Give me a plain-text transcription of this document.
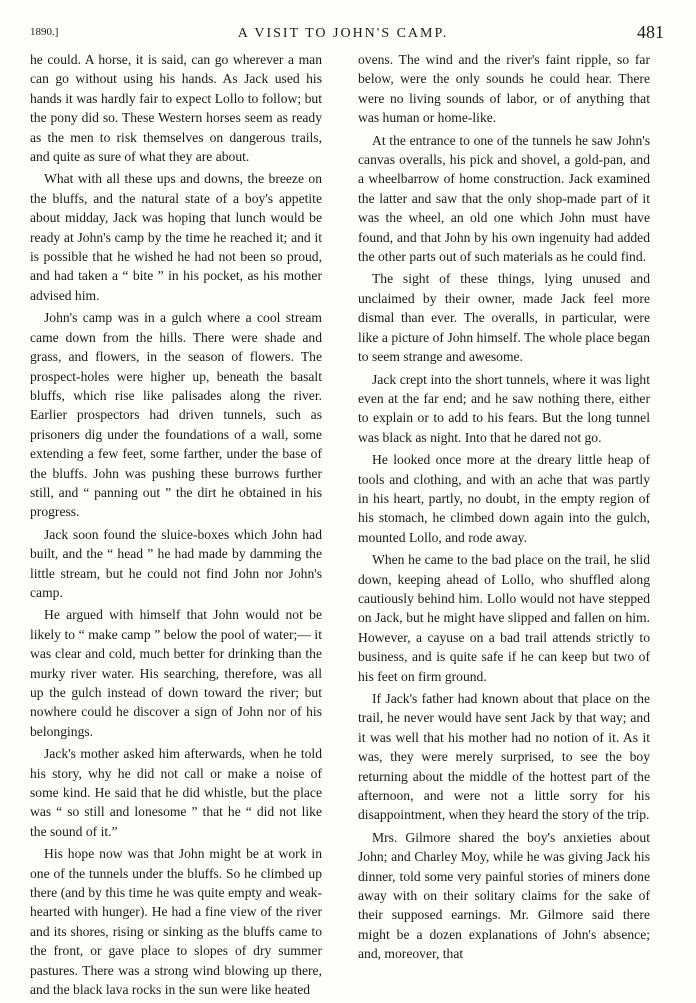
1890.]	A VISIT TO JOHN'S CAMP.	481

he could. A horse, it is said, can go wherever a man can go without using his hands. As Jack used his hands it was hardly fair to expect Lollo to follow; but the pony did so. These Western horses seem as ready as the men to risk themselves on dangerous trails, and quite as sure of what they are about.

What with all these ups and downs, the breeze on the bluffs, and the natural state of a boy's appetite about midday, Jack was hoping that lunch would be ready at John's camp by the time he reached it; and it is possible that he wished he had not been so proud, and had taken a “ bite ” in his pocket, as his mother advised him.

John's camp was in a gulch where a cool stream came down from the hills. There were shade and grass, and flowers, in the season of flowers. The prospect-holes were higher up, beneath the basalt bluffs, which rise like palisades along the river. Earlier prospectors had driven tunnels, such as prisoners dig under the foundations of a wall, some extending a few feet, some farther, under the base of the bluffs. John was pushing these burrows further still, and “ panning out ” the dirt he obtained in his progress.

Jack soon found the sluice-boxes which John had built, and the “ head ” he had made by damming the little stream, but he could not find John nor John's camp.

He argued with himself that John would not be likely to “ make camp ” below the pool of water;— it was clear and cold, much better for drinking than the murky river water. His searching, therefore, was all up the gulch instead of down toward the river; but nowhere could he discover a sign of John nor of his belongings.

Jack's mother asked him afterwards, when he told his story, why he did not call or make a noise of some kind. He said that he did whistle, but the place was “ so still and lonesome ” that he “ did not like the sound of it.”

His hope now was that John might be at work in one of the tunnels under the bluffs. So he climbed up there (and by this time he was quite empty and weak-hearted with hunger). He had a fine view of the river and its shores, rising or sinking as the bluffs came to the front, or gave place to slopes of dry summer pastures. There was a strong wind blowing up there, and the black lava rocks in the sun were like heated

ovens. The wind and the river's faint ripple, so far below, were the only sounds he could hear. There were no living sounds of labor, or of anything that was human or home-like.

At the entrance to one of the tunnels he saw John's canvas overalls, his pick and shovel, a gold-pan, and a wheelbarrow of home construction. Jack examined the latter and saw that the only shop-made part of it was the wheel, an old one which John must have found, and that John by his own ingenuity had added the other parts out of such materials as he could find.

The sight of these things, lying unused and unclaimed by their owner, made Jack feel more dismal than ever. The overalls, in particular, were like a picture of John himself. The whole place began to seem strange and awesome.

Jack crept into the short tunnels, where it was light even at the far end; and he saw nothing there, either to explain or to add to his fears. But the long tunnel was black as night. Into that he dared not go.

He looked once more at the dreary little heap of tools and clothing, and with an ache that was partly in his heart, partly, no doubt, in the empty region of his stomach, he climbed down again into the gulch, mounted Lollo, and rode away.

When he came to the bad place on the trail, he slid down, keeping ahead of Lollo, who shuffled along cautiously behind him. Lollo would not have stepped on Jack, but he might have slipped and fallen on him. However, a cayuse on a bad trail attends strictly to business, and is quite safe if he can keep but two of his feet on firm ground.

If Jack's father had known about that place on the trail, he never would have sent Jack by that way; and it was well that his mother had no notion of it. As it was, they were merely surprised, to see the boy returning about the middle of the hottest part of the afternoon, and were not a little sorry for his disappointment, when they heard the story of the trip.

Mrs. Gilmore shared the boy's anxieties about John; and Charley Moy, while he was giving Jack his dinner, told some very painful stories of miners done away with on their solitary claims for the sake of their supposed earnings. Mr. Gilmore said there might be a dozen explanations of John's absence; and, moreover, that
